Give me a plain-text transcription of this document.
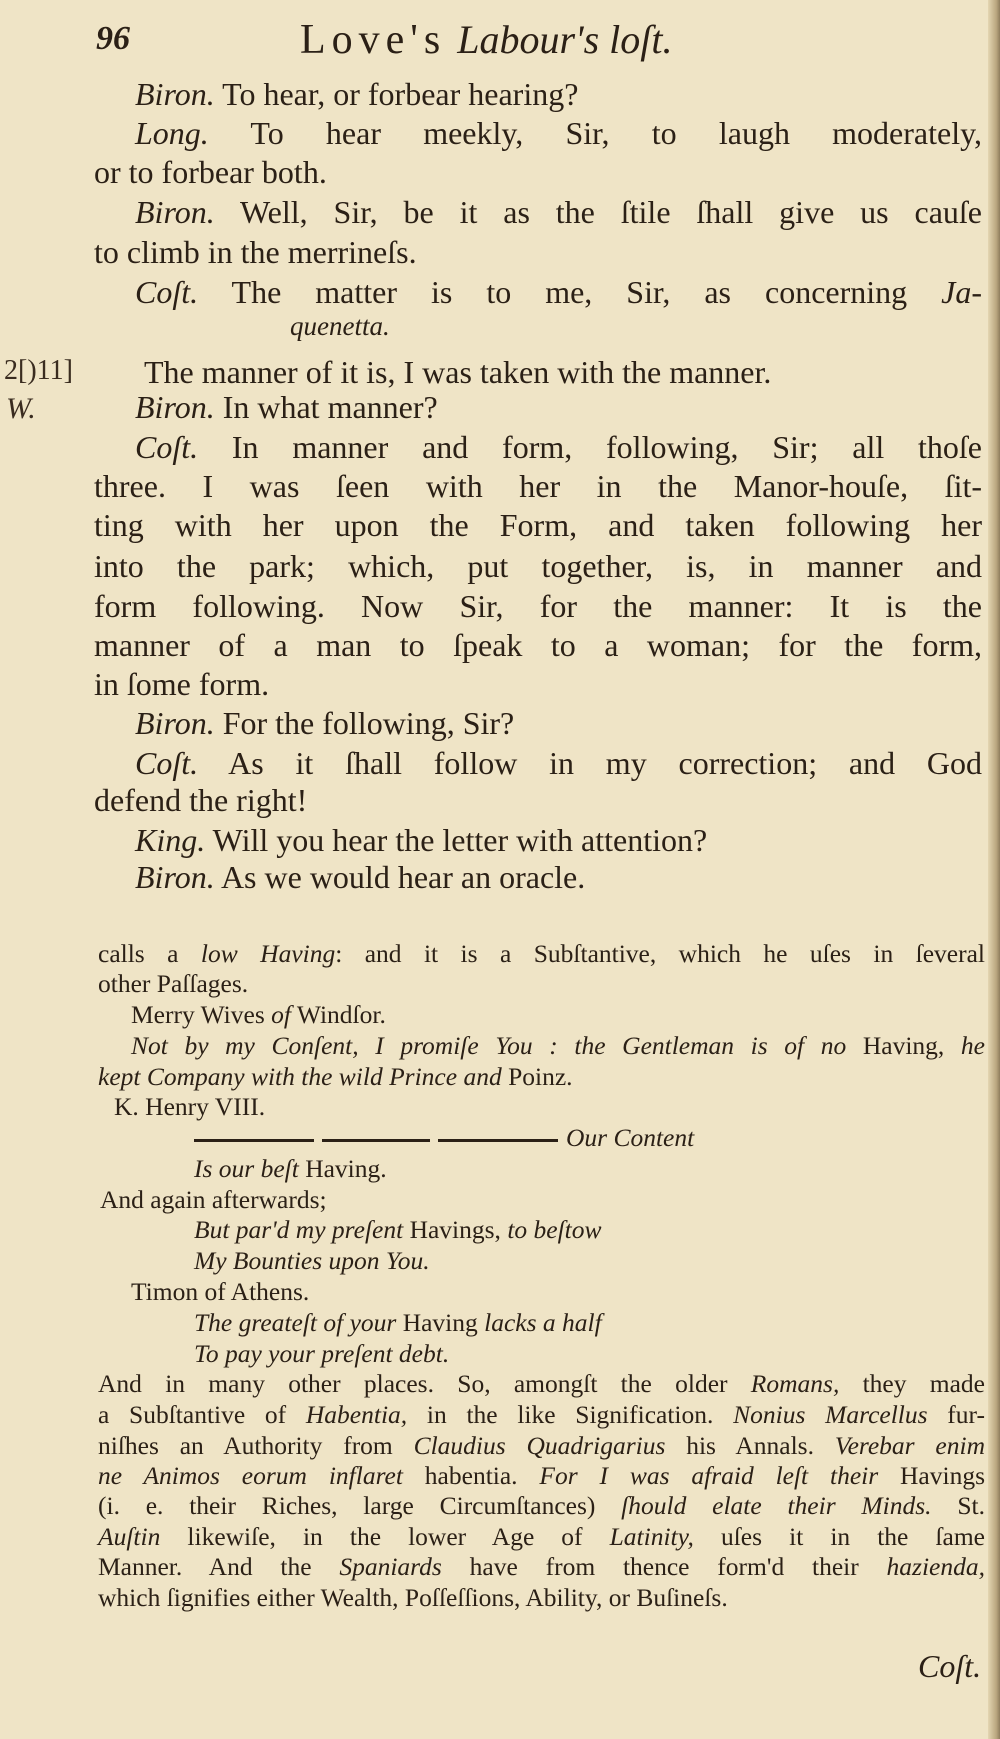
96	Love's Labour's loſt.
2[)11]
W.
Biron. To hear, or forbear hearing?
Long. To hear meekly, Sir, to laugh moderately,
or to forbear both.
Biron. Well, Sir, be it as the ſtile ſhall give us cauſe
to climb in the merrineſs.
Coſt. The matter is to me, Sir, as concerning Ja-
quenetta.
The manner of it is, I was taken with the manner.
Biron. In what manner?
Coſt. In manner and form, following, Sir; all thoſe
three. I was ſeen with her in the Manor-houſe, ſit-
ting with her upon the Form, and taken following her
into the park; which, put together, is, in manner and
form following. Now Sir, for the manner: It is the
manner of a man to ſpeak to a woman; for the form,
in ſome form.
Biron. For the following, Sir?
Coſt. As it ſhall follow in my correction; and God
defend the right!
King. Will you hear the letter with attention?
Biron. As we would hear an oracle.
calls a low Having: and it is a Subſtantive, which he uſes in ſeveral
other Paſſages.
Merry Wives of Windſor.
Not by my Conſent, I promiſe You : the Gentleman is of no Having, he
kept Company with the wild Prince and Poinz.
K. Henry VIII.
Our Content
Is our beſt Having.
And again afterwards;
But par'd my preſent Havings, to beſtow
My Bounties upon You.
Timon of Athens.
The greateſt of your Having lacks a half
To pay your preſent debt.
And in many other places. So, amongſt the older Romans, they made
a Subſtantive of Habentia, in the like Signification. Nonius Marcellus fur-
niſhes an Authority from Claudius Quadrigarius his Annals. Verebar enim
ne Animos eorum inflaret habentia. For I was afraid leſt their Havings
(i. e. their Riches, large Circumſtances) ſhould elate their Minds. St.
Auſtin likewiſe, in the lower Age of Latinity, uſes it in the ſame
Manner. And the Spaniards have from thence form'd their hazienda,
which ſignifies either Wealth, Poſſeſſions, Ability, or Buſineſs.
Coſt.
